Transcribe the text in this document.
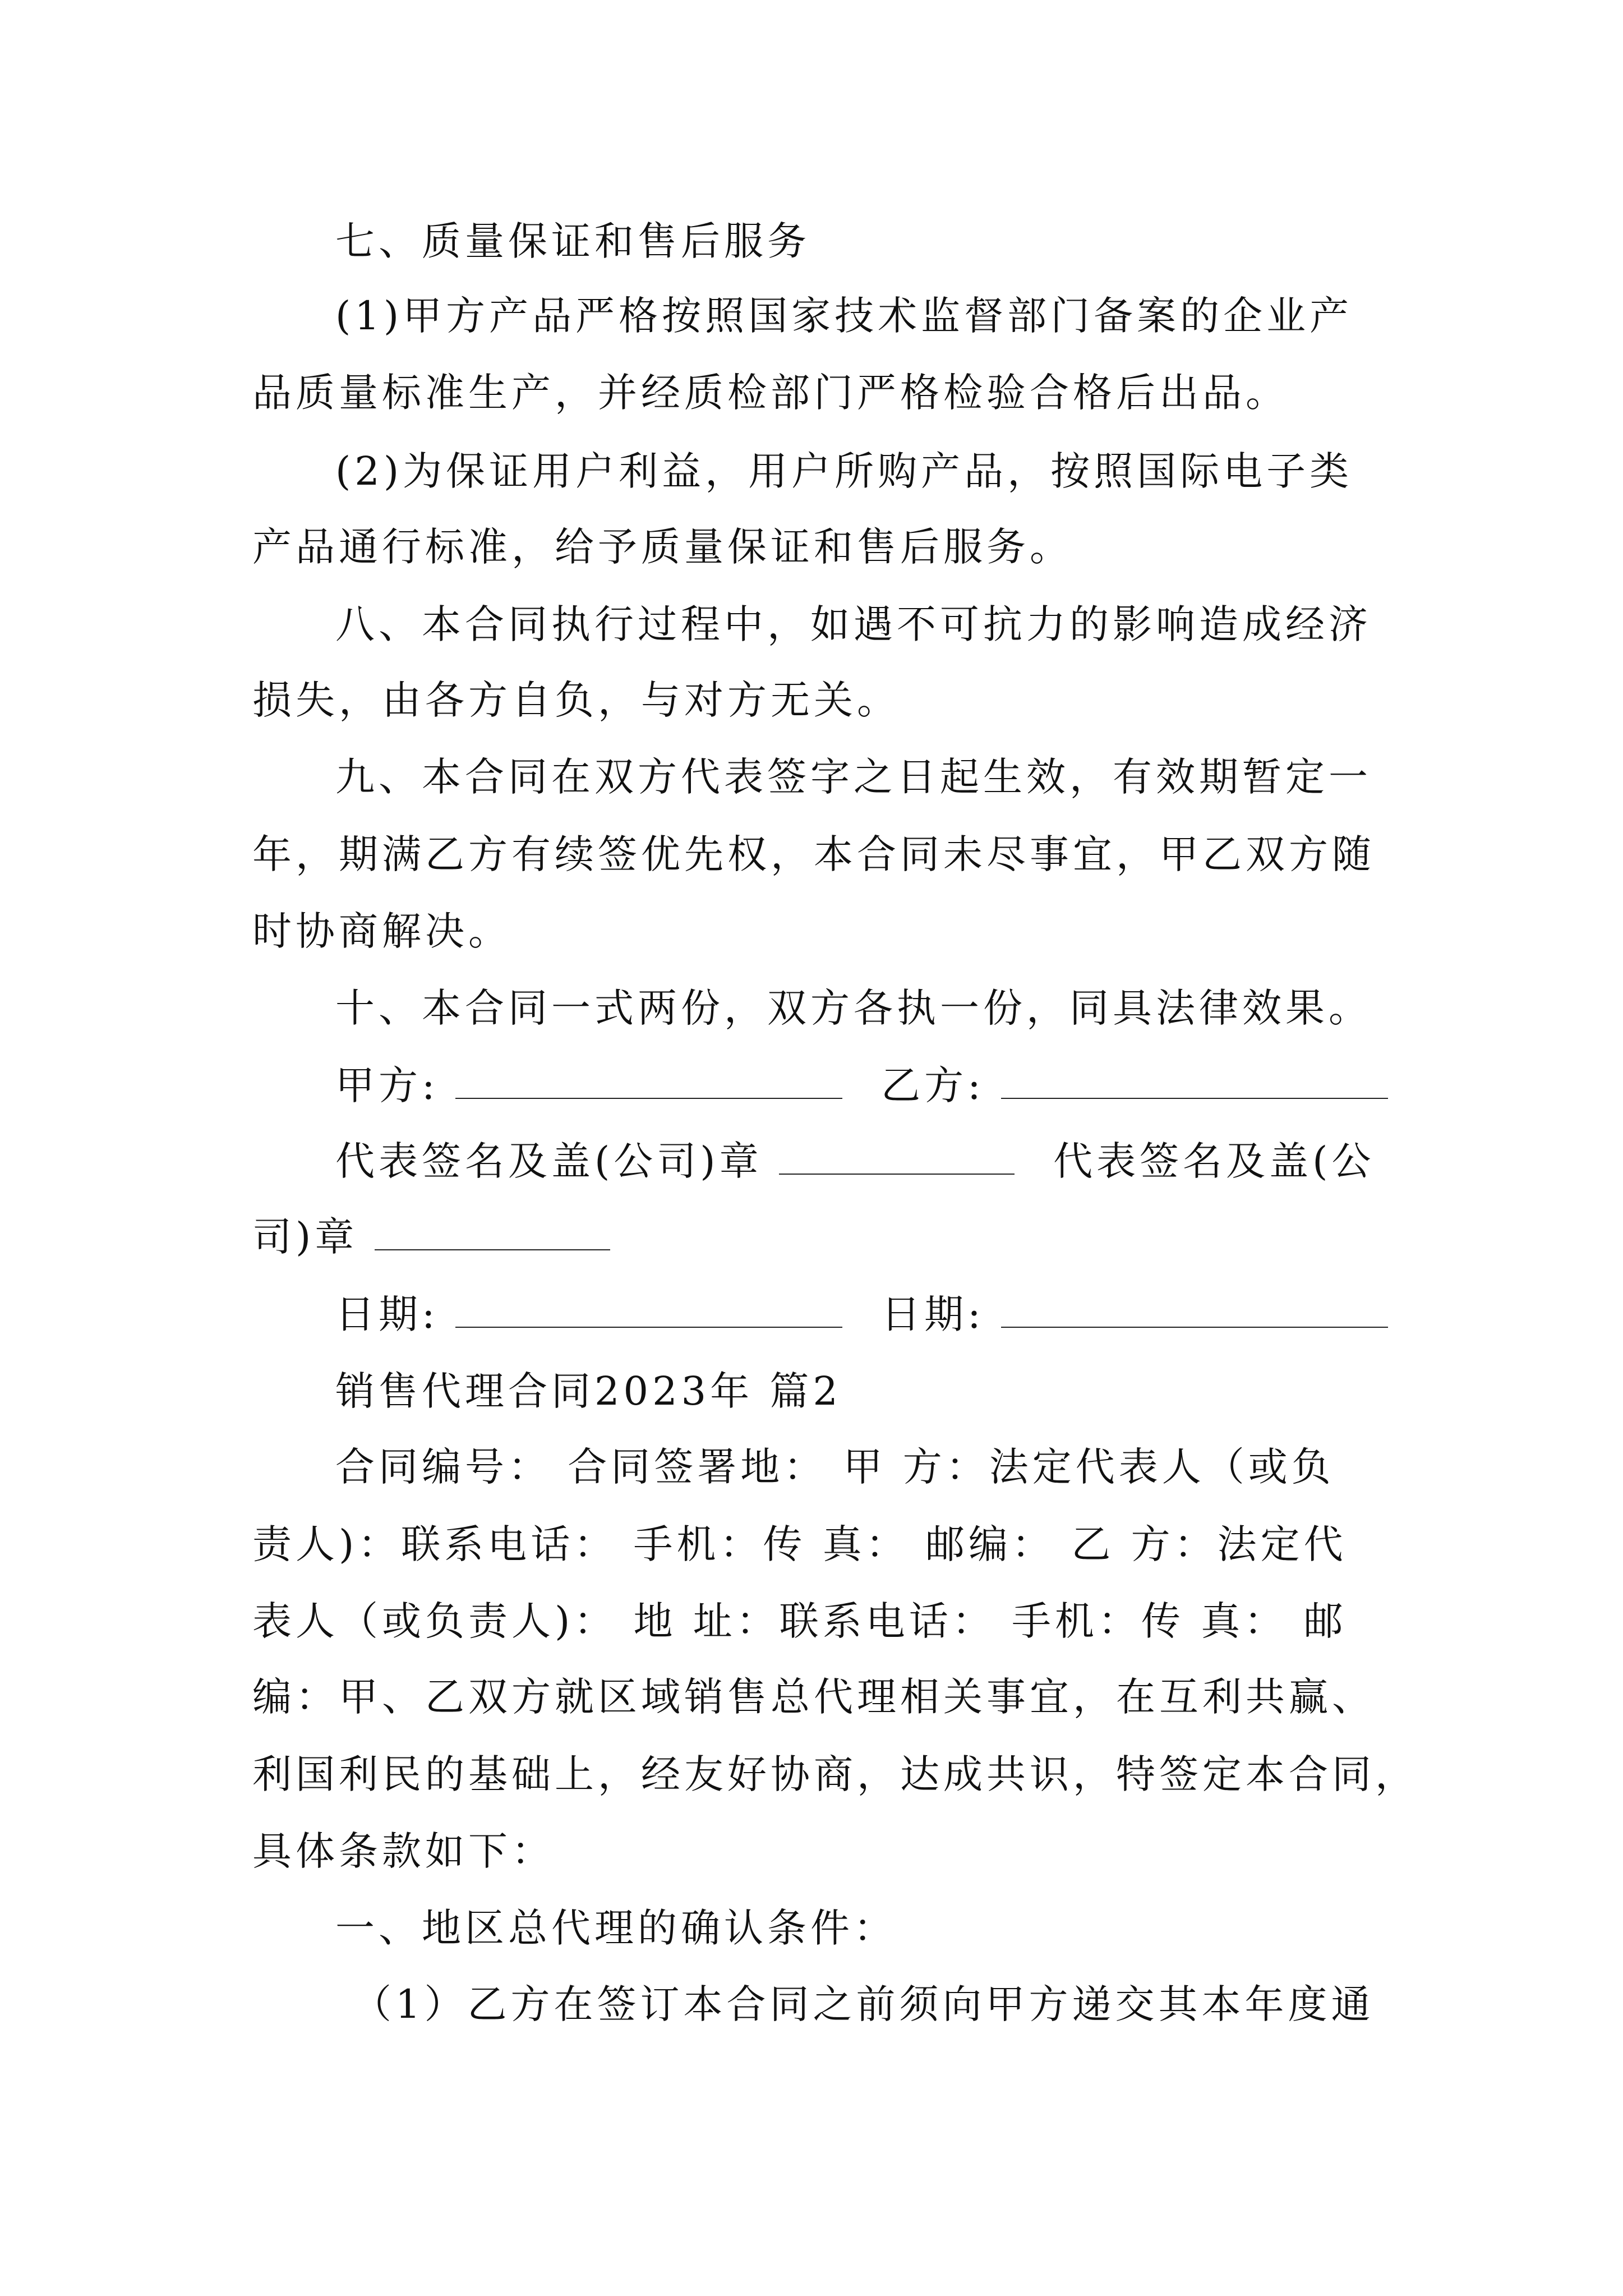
七、质量保证和售后服务
(1)甲方产品严格按照国家技术监督部门备案的企业产
品质量标准生产，并经质检部门严格检验合格后出品。
(2)为保证用户利益，用户所购产品，按照国际电子类
产品通行标准，给予质量保证和售后服务。
八、本合同执行过程中，如遇不可抗力的影响造成经济
损失，由各方自负，与对方无关。
九、本合同在双方代表签字之日起生效，有效期暂定一
年，期满乙方有续签优先权，本合同未尽事宜，甲乙双方随
时协商解决。
十、本合同一式两份，双方各执一份，同具法律效果。
甲方:	乙方:
代表签名及盖(公司)章	代表签名及盖(公
司)章
日期:	日期:
销售代理合同2023年 篇2
合同编号： 合同签署地： 甲 方：法定代表人（或负
责人)：联系电话： 手机：传 真： 邮编： 乙 方：法定代
表人（或负责人)： 地 址：联系电话： 手机：传 真： 邮
编：甲、乙双方就区域销售总代理相关事宜，在互利共赢、
利国利民的基础上，经友好协商，达成共识，特签定本合同，
具体条款如下：
一、地区总代理的确认条件：
（1）乙方在签订本合同之前须向甲方递交其本年度通
